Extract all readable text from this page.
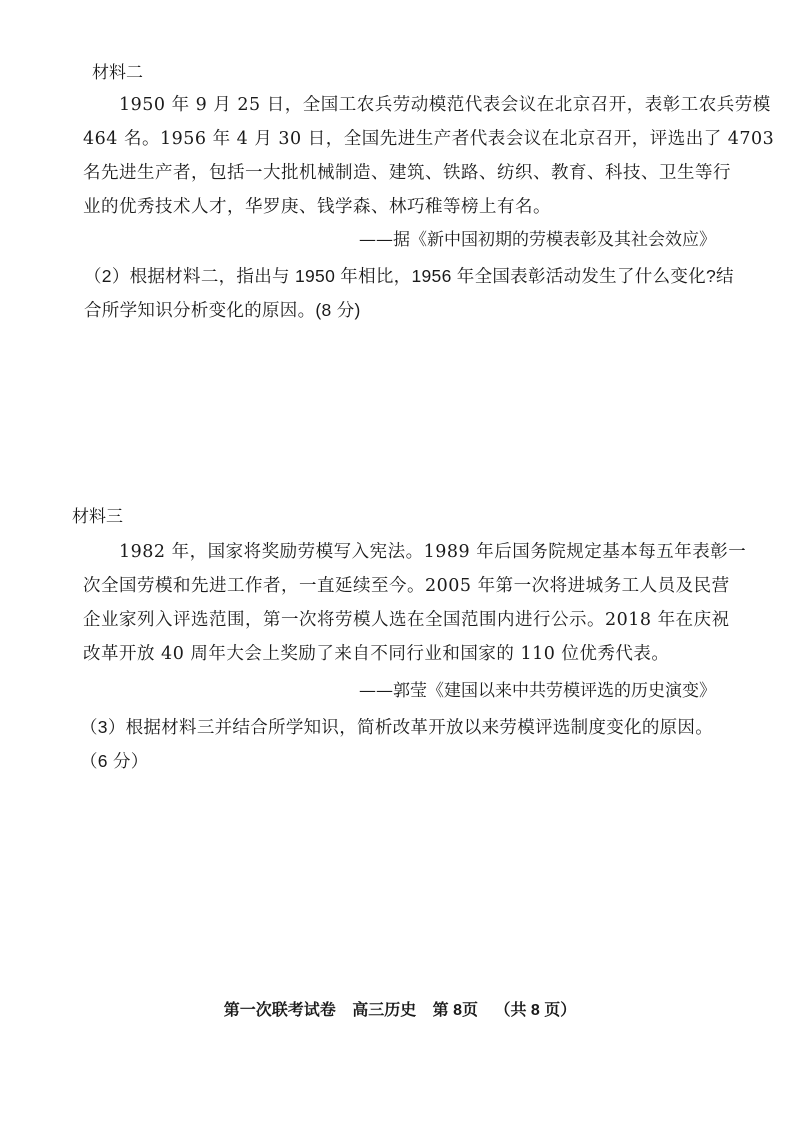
材料二
1950 年 9 月 25 日，全国工农兵劳动模范代表会议在北京召开，表彰工农兵劳模
464 名。1956 年 4 月 30 日，全国先进生产者代表会议在北京召开，评选出了 4703
名先进生产者，包括一大批机械制造、建筑、铁路、纺织、教育、科技、卫生等行
业的优秀技术人才，华罗庚、钱学森、林巧稚等榜上有名。
——据《新中国初期的劳模表彰及其社会效应》
（2）根据材料二，指出与 1950 年相比，1956 年全国表彰活动发生了什么变化?结
合所学知识分析变化的原因。(8 分)
材料三
1982 年，国家将奖励劳模写入宪法。1989 年后国务院规定基本每五年表彰一
次全国劳模和先进工作者，一直延续至今。2005 年第一次将进城务工人员及民营
企业家列入评选范围，第一次将劳模人选在全国范围内进行公示。2018 年在庆祝
改革开放 40 周年大会上奖励了来自不同行业和国家的 110 位优秀代表。
——郭莹《建国以来中共劳模评选的历史演变》
（3）根据材料三并结合所学知识，简析改革开放以来劳模评选制度变化的原因。
（6 分）
第一次联考试卷 高三历史 第 8页 （共 8 页）
